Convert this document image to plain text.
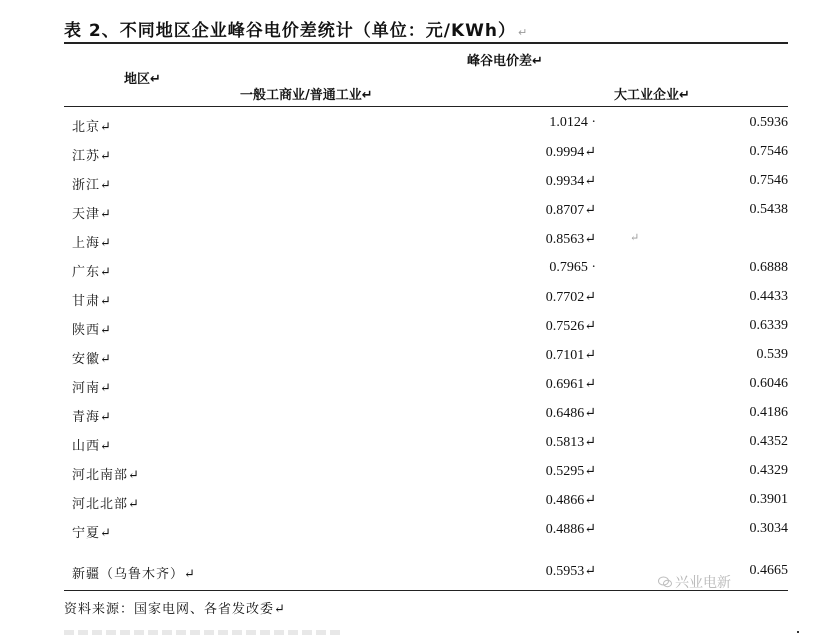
表 2、不同地区企业峰谷电价差统计（单位：元/KWh） ↵
峰谷电价差↵
地区↵
一般工商业/普通工业↵	大工业企业↵
北京↵	1.0124 ·	0.5936
江苏↵	0.9994↵	0.7546
浙江↵	0.9934↵	0.7546
天津↵	0.8707↵	0.5438
上海↵	0.8563↵	↵
广东↵	0.7965 ·	0.6888
甘肃↵	0.7702↵	0.4433
陕西↵	0.7526↵	0.6339
安徽↵	0.7101↵	0.539
河南↵	0.6961↵	0.6046
青海↵	0.6486↵	0.4186
山西↵	0.5813↵	0.4352
河北南部↵	0.5295↵	0.4329
河北北部↵	0.4866↵	0.3901
宁夏↵	0.4886↵	0.3034
新疆（乌鲁木齐）↵	0.5953↵	0.4665
兴业电新
资料来源：国家电网、各省发改委↵
